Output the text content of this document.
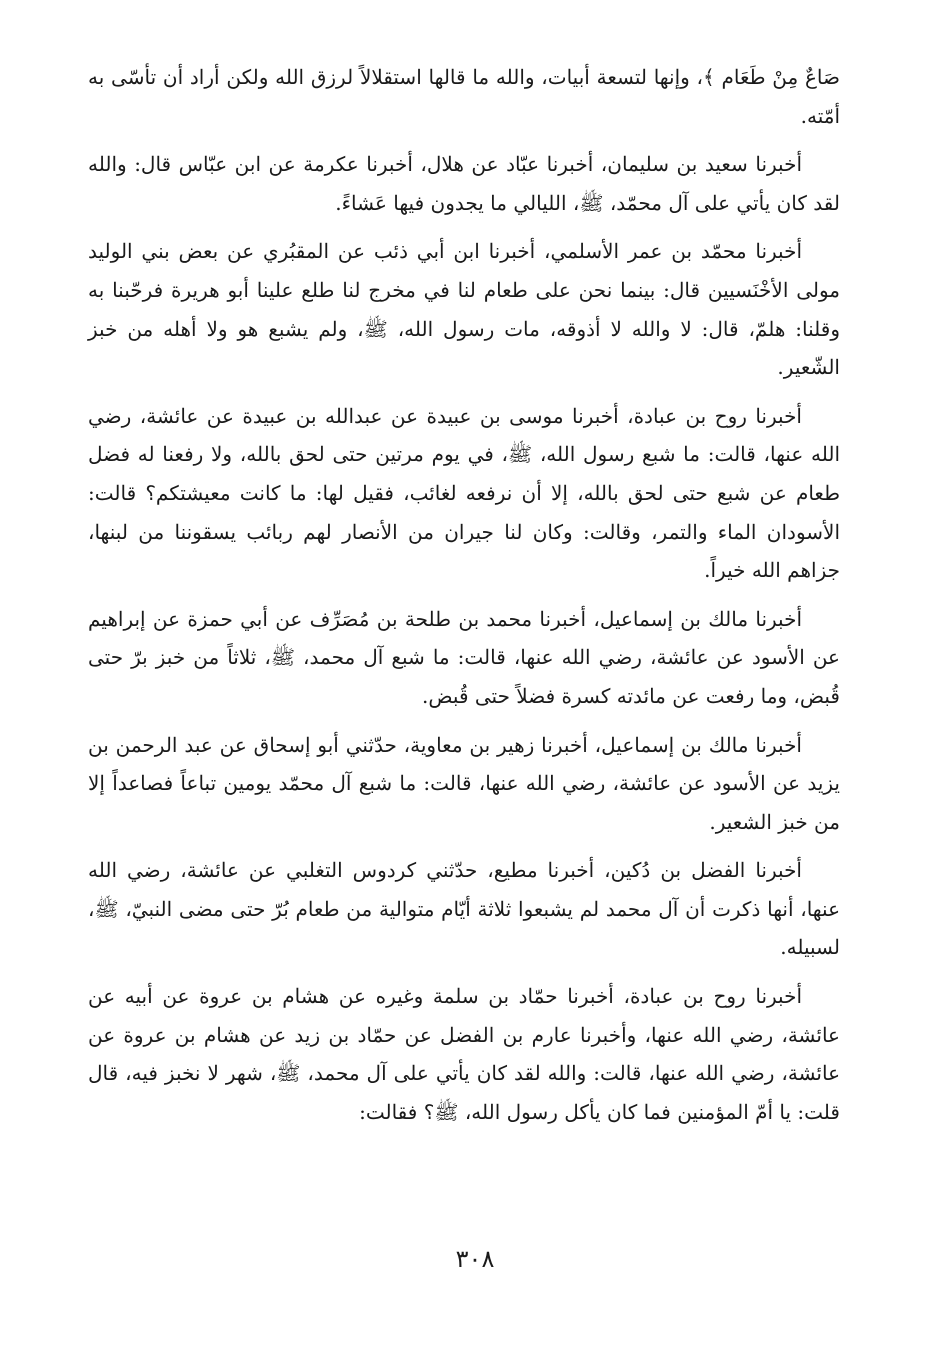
صَاعٌ مِنْ طَعَام ﴾، وإنها لتسعة أبيات، والله ما قالها استقلالاً لرزق الله ولكن أراد أن تأسّى به أمّته.

أخبرنا سعيد بن سليمان، أخبرنا عبّاد عن هلال، أخبرنا عكرمة عن ابن عبّاس قال: والله لقد كان يأتي على آل محمّد، ﷺ، الليالي ما يجدون فيها عَشاءً.

أخبرنا محمّد بن عمر الأسلمي، أخبرنا ابن أبي ذئب عن المقبُري عن بعض بني الوليد مولى الأخْنَسيين قال: بينما نحن على طعام لنا في مخرج لنا طلع علينا أبو هريرة فرحّبنا به وقلنا: هلمّ، قال: لا والله لا أذوقه، مات رسول الله، ﷺ، ولم يشبع هو ولا أهله من خبز الشّعير.

أخبرنا روح بن عبادة، أخبرنا موسى بن عبيدة عن عبدالله بن عبيدة عن عائشة، رضي الله عنها، قالت: ما شبع رسول الله، ﷺ، في يوم مرتين حتى لحق بالله، ولا رفعنا له فضل طعام عن شبع حتى لحق بالله، إلا أن نرفعه لغائب، فقيل لها: ما كانت معيشتكم؟ قالت: الأسودان الماء والتمر، وقالت: وكان لنا جيران من الأنصار لهم ربائب يسقوننا من لبنها، جزاهم الله خيراً.

أخبرنا مالك بن إسماعيل، أخبرنا محمد بن طلحة بن مُصَرِّف عن أبي حمزة عن إبراهيم عن الأسود عن عائشة، رضي الله عنها، قالت: ما شبع آل محمد، ﷺ، ثلاثاً من خبز برّ حتى قُبض، وما رفعت عن مائدته كسرة فضلاً حتى قُبض.

أخبرنا مالك بن إسماعيل، أخبرنا زهير بن معاوية، حدّثني أبو إسحاق عن عبد الرحمن بن يزيد عن الأسود عن عائشة، رضي الله عنها، قالت: ما شبع آل محمّد يومين تباعاً فصاعداً إلا من خبز الشعير.

أخبرنا الفضل بن دُكين، أخبرنا مطيع، حدّثني كردوس التغلبي عن عائشة، رضي الله عنها، أنها ذكرت أن آل محمد لم يشبعوا ثلاثة أيّام متوالية من طعام بُرّ حتى مضى النبيّ، ﷺ، لسبيله.

أخبرنا روح بن عبادة، أخبرنا حمّاد بن سلمة وغيره عن هشام بن عروة عن أبيه عن عائشة، رضي الله عنها، وأخبرنا عارم بن الفضل عن حمّاد بن زيد عن هشام بن عروة عن عائشة، رضي الله عنها، قالت: والله لقد كان يأتي على آل محمد، ﷺ، شهر لا نخبز فيه، قال قلت: يا أمّ المؤمنين فما كان يأكل رسول الله، ﷺ؟ فقالت:

٣٠٨
